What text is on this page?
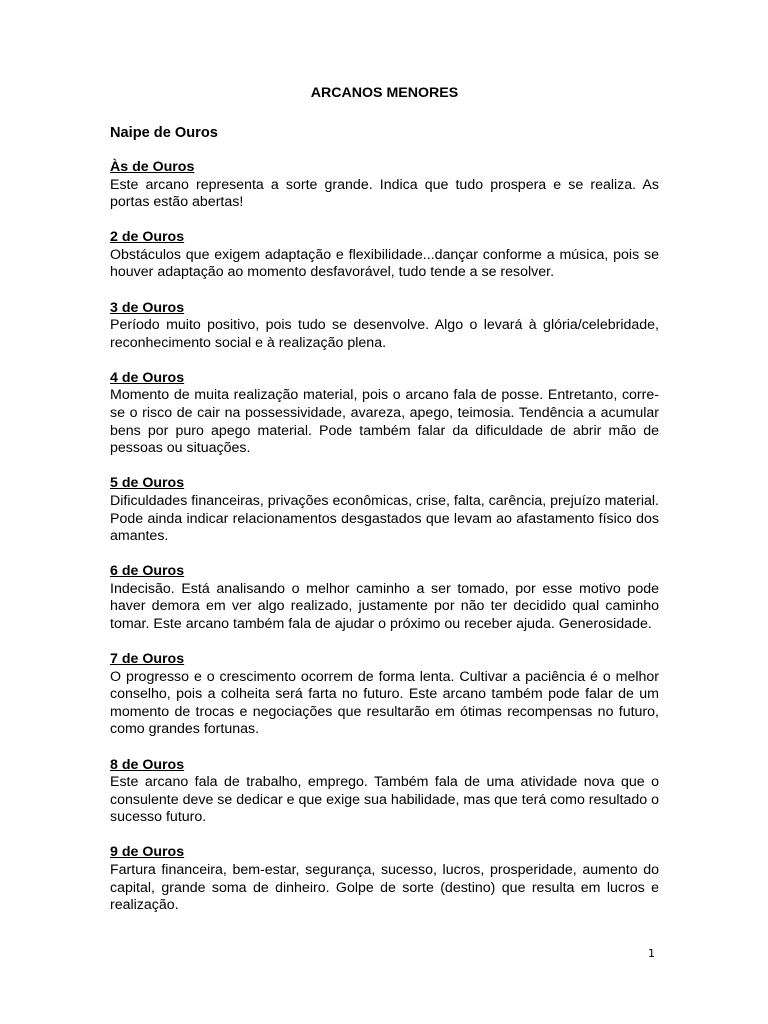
ARCANOS MENORES
Naipe de Ouros

Às de Ouros

Este arcano representa a sorte grande. Indica que tudo prospera e se realiza. As portas estão abertas!

2 de Ouros

Obstáculos que exigem adaptação e flexibilidade...dançar conforme a música, pois se houver adaptação ao momento desfavorável, tudo tende a se resolver.

3 de Ouros

Período muito positivo, pois tudo se desenvolve. Algo o levará à glória/celebridade, reconhecimento social e à realização plena.

4 de Ouros

Momento de muita realização material, pois o arcano fala de posse. Entretanto, corre-se o risco de cair na possessividade, avareza, apego, teimosia. Tendência a acumular bens por puro apego material. Pode também falar da dificuldade de abrir mão de pessoas ou situações.

5 de Ouros

Dificuldades financeiras, privações econômicas, crise, falta, carência, prejuízo material. Pode ainda indicar relacionamentos desgastados que levam ao afastamento físico dos amantes.

6 de Ouros

Indecisão. Está analisando o melhor caminho a ser tomado, por esse motivo pode haver demora em ver algo realizado, justamente por não ter decidido qual caminho tomar. Este arcano também fala de ajudar o próximo ou receber ajuda. Generosidade.

7 de Ouros

O progresso e o crescimento ocorrem de forma lenta. Cultivar a paciência é o melhor conselho, pois a colheita será farta no futuro. Este arcano também pode falar de um momento de trocas e negociações que resultarão em ótimas recompensas no futuro, como grandes fortunas.

8 de Ouros

Este arcano fala de trabalho, emprego. Também fala de uma atividade nova que o consulente deve se dedicar e que exige sua habilidade, mas que terá como resultado o sucesso futuro.

9 de Ouros

Fartura financeira, bem-estar, segurança, sucesso, lucros, prosperidade, aumento do capital, grande soma de dinheiro. Golpe de sorte (destino) que resulta em lucros e realização.

1
